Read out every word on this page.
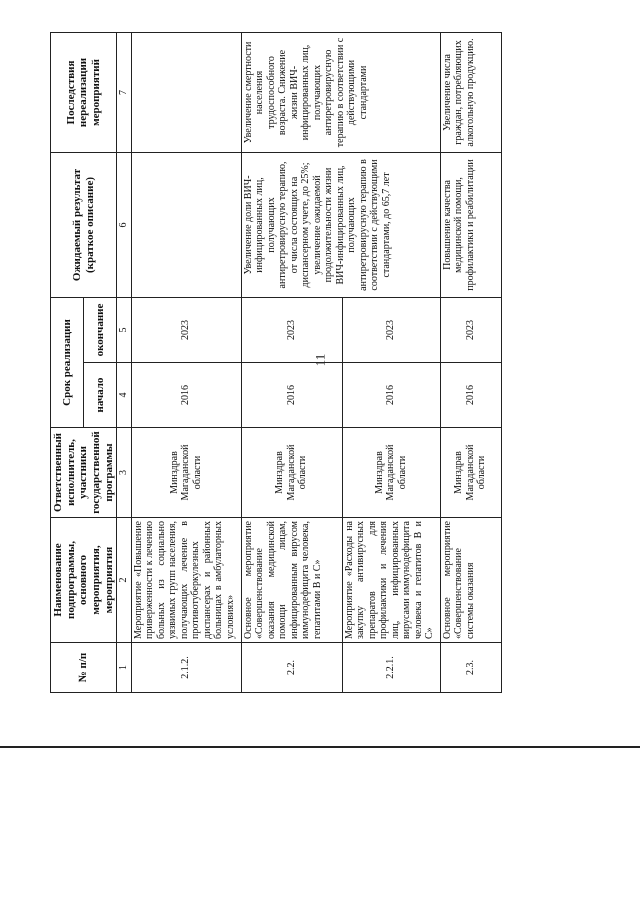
11
№ п/п	Наименование подпрограммы, основного мероприятия, мероприятия	Ответственный исполнитель, участники государственной программы	Срок реализации		Ожидаемый результат (краткое описание)	Последствия нереализации мероприятий
			начало	окончание		
1	2	3	4	5	6	7
2.1.2.	Мероприятие «Повышение приверженности к лечению больных из социально уязвимых групп населения, получающих лечение в противотуберкулезных диспансерах и районных больницах в амбулаторных условиях»	Минздрав Магаданской области	2016	2023		
2.2.	Основное мероприятие «Совершенствование оказания медицинской помощи лицам, инфицированным вирусом иммунодефицита человека, гепатитами B и C»	Минздрав Магаданской области	2016	2023	Увеличение доли ВИЧ-инфицированных лиц, получающих антиретровирусную терапию, от числа состоящих на диспансерном учете, до 25%; увеличение ожидаемой продолжительности жизни ВИЧ-инфицированных лиц, получающих антиретровирусную терапию в соответствии с действующими стандартами, до 65,7 лет	Увеличение смертности населения трудоспособного возраста. Снижение жизни ВИЧ-инфицированных лиц, получающих антиретровирусную терапию в соответствии с действующими стандартами
2.2.1.	Мероприятие «Расходы на закупку антивирусных препаратов для профилактики и лечения лиц, инфицированных вирусами иммунодефицита человека и гепатитов B и C»	Минздрав Магаданской области	2016	2023		
2.3.	Основное мероприятие «Совершенствование системы оказания	Минздрав Магаданской области	2016	2023	Повышение качества медицинской помощи, профилактики и реабилитации	Увеличение числа граждан, потребляющих алкогольную продукцию.
